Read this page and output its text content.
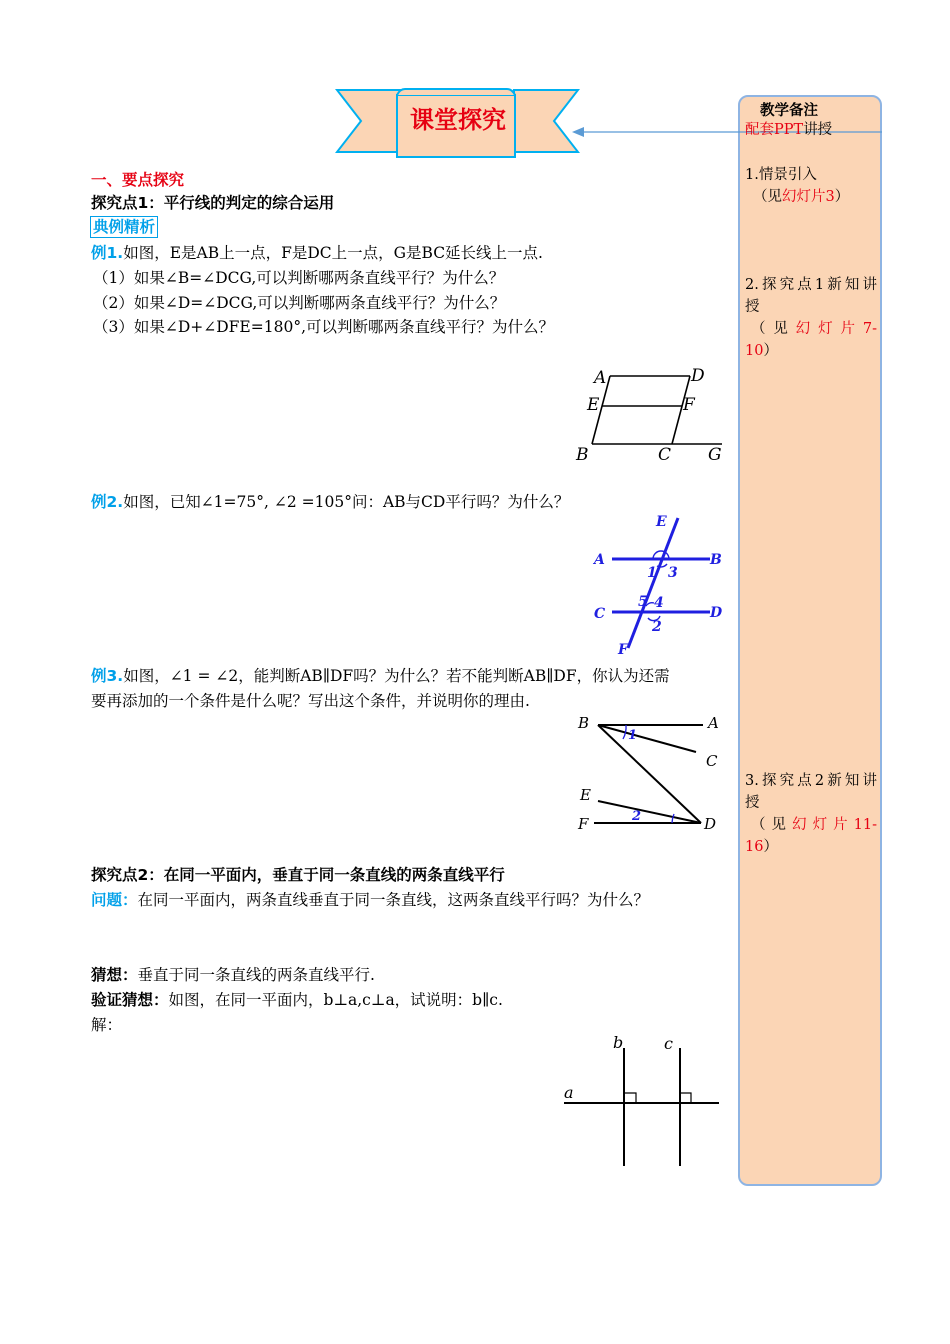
课堂探究	教学备注
配套PPT讲授
1.情景引入
（见幻灯片3）
2.探究点1新知讲
授
（见幻灯片7-
10）
3.探究点2新知讲
授
（见幻灯片11-
16）
一、要点探究
探究点1：平行线的判定的综合运用
典例精析
例1.如图，E是AB上一点，F是DC上一点，G是BC延长线上一点.
（1）如果∠B=∠DCG,可以判断哪两条直线平行？为什么？
（2）如果∠D=∠DCG,可以判断哪两条直线平行？为什么？
（3）如果∠D+∠DFE=180°,可以判断哪两条直线平行？为什么？
A	D
E	F
B	C G
例2.如图，已知∠1=75°, ∠2 =105°问：AB与CD平行吗？为什么？
E
A	B
1 3
5 4
C	D
2
F
例3.如图，∠1 = ∠2，能判断AB∥DF吗？为什么？若不能判断AB∥DF，你认为还需
要再添加的一个条件是什么呢？写出这个条件，并说明你的理由.
B	A
C
E
F	D
1
2
探究点2：在同一平面内，垂直于同一条直线的两条直线平行
问题：在同一平面内，两条直线垂直于同一条直线，这两条直线平行吗？为什么？
猜想：垂直于同一条直线的两条直线平行.
验证猜想：如图，在同一平面内，b⊥a,c⊥a，试说明：b∥c.
解：
b	c
a
